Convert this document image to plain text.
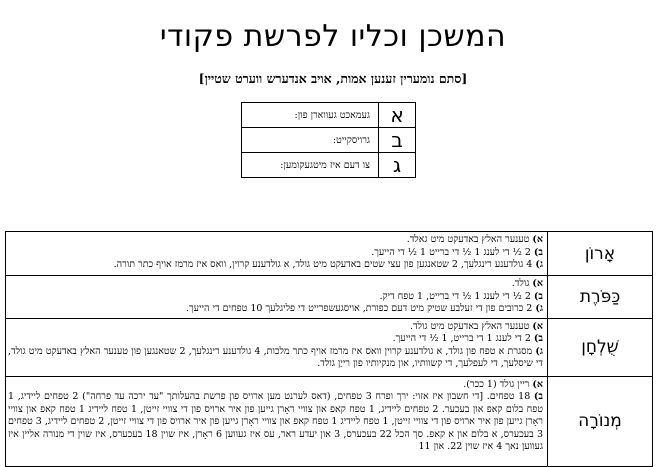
המשכן וכליו לפרשת פקודי
[סתם נומערין זענען אמות, אויב אנדערש ווערט שטיין]
א	געמאכט געווארן פון:
ב	גרויסקייט:
ג	צו דעם איז מיטגעקומען:
אָרוֹן	א) טענער האלץ באדעקט מיט גאלד.
ב) 2 ½ די לענג 1 ½ די ברייט 1 ½ די הייעך.
ג) 4 גולדענע רינגלעך, 2 שטאנגען פון עצי שטים באדעקט מיט גולד, א גולדענע קרוין, וואס איז מרמז אויף כתר תורה.

כַּפֹּרֶת	א) גולד.
ב) 2 ½ די לענג 1 ½ די ברייט, 1 טפח דיק.
ג) 2 כרובים פון די זעלבע שטיק מיט דעם כפורת, אויסגעשפרייט די פליגלעך 10 טפחים די הייעך.

שֻׁלְחָן	א) טענער האלץ באדעקט מיט גולד.
ב) 2 די לענג 1 די ברייט, 1 ½ די הייעך.
ג) מסגרת א טפח פון גולד, א גולדענע קרוין וואס איז מרמז אויף כתר מלכות, 4 גולדענע רינגלעך, 2 שטאנגען פון טענער האלץ באדעקט מיט גולד, די שיסלעך, די לעפלעך, די קשוותיו, און מנקיותיו פון רייַן גולד.

מְנוֹרָה	א) ריין גולד (1 ככר).
ב) 18 טפחים. [די חשבון איז אזוי: ירך ופרח 3 טפחים, (דאס לערנט מען ארויס פון פרשת בהעלותך "עד ירכה עד פרחה") 2 טפחים ליידיג, 1 טפח בלום קאפ און בעכער. 2 טפחים ליידיג, 1 טפח קאפ און צוויי ראָרן גייען פון איר ארויס פון די צוויי זייטן, 1 טפח ליידיג 1 טפח קאפ און צוויי ראָרן גייען פון איר ארויס פון די צוויי זייטן, 1 טפח ליידיג 1 טפח קאפ און צוויי ראָרן גייען פון איר ארויס פון די צוויי זייטן, 2 טפחים ליידיג, 3 טפחים 3 בעכערס, א בלום און א קאפ. סך הכל 22 בעכערס, 3 און יעדע ראר, עס איז געווען 6 ראָרן, איז שוין 18 בעכערס, איז שוין די מנורה אליין איז געווען נאך 4 איז שוין 22. און 11
